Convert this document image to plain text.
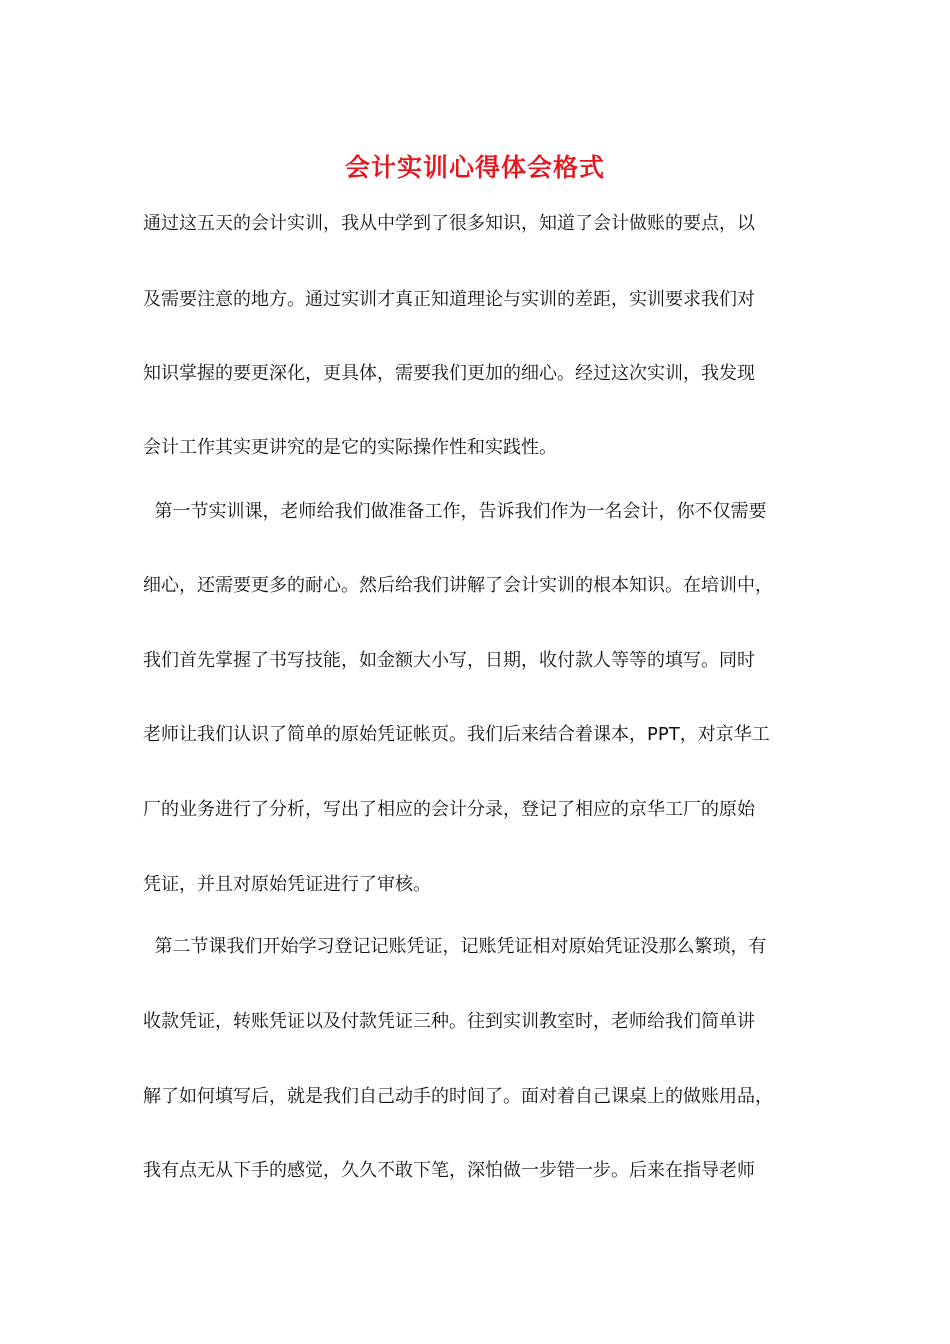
会计实训心得体会格式
通过这五天的会计实训，我从中学到了很多知识，知道了会计做账的要点，以
及需要注意的地方。通过实训才真正知道理论与实训的差距，实训要求我们对
知识掌握的要更深化，更具体，需要我们更加的细心。经过这次实训，我发现
会计工作其实更讲究的是它的实际操作性和实践性。
第一节实训课，老师给我们做准备工作，告诉我们作为一名会计，你不仅需要
细心，还需要更多的耐心。然后给我们讲解了会计实训的根本知识。在培训中，
我们首先掌握了书写技能，如金额大小写，日期，收付款人等等的填写。同时
老师让我们认识了简单的原始凭证帐页。我们后来结合着课本，PPT，对京华工
厂的业务进行了分析，写出了相应的会计分录，登记了相应的京华工厂的原始
凭证，并且对原始凭证进行了审核。
第二节课我们开始学习登记记账凭证，记账凭证相对原始凭证没那么繁琐，有
收款凭证，转账凭证以及付款凭证三种。往到实训教室时，老师给我们简单讲
解了如何填写后，就是我们自己动手的时间了。面对着自己课桌上的做账用品，
我有点无从下手的感觉，久久不敢下笔，深怕做一步错一步。后来在指导老师
